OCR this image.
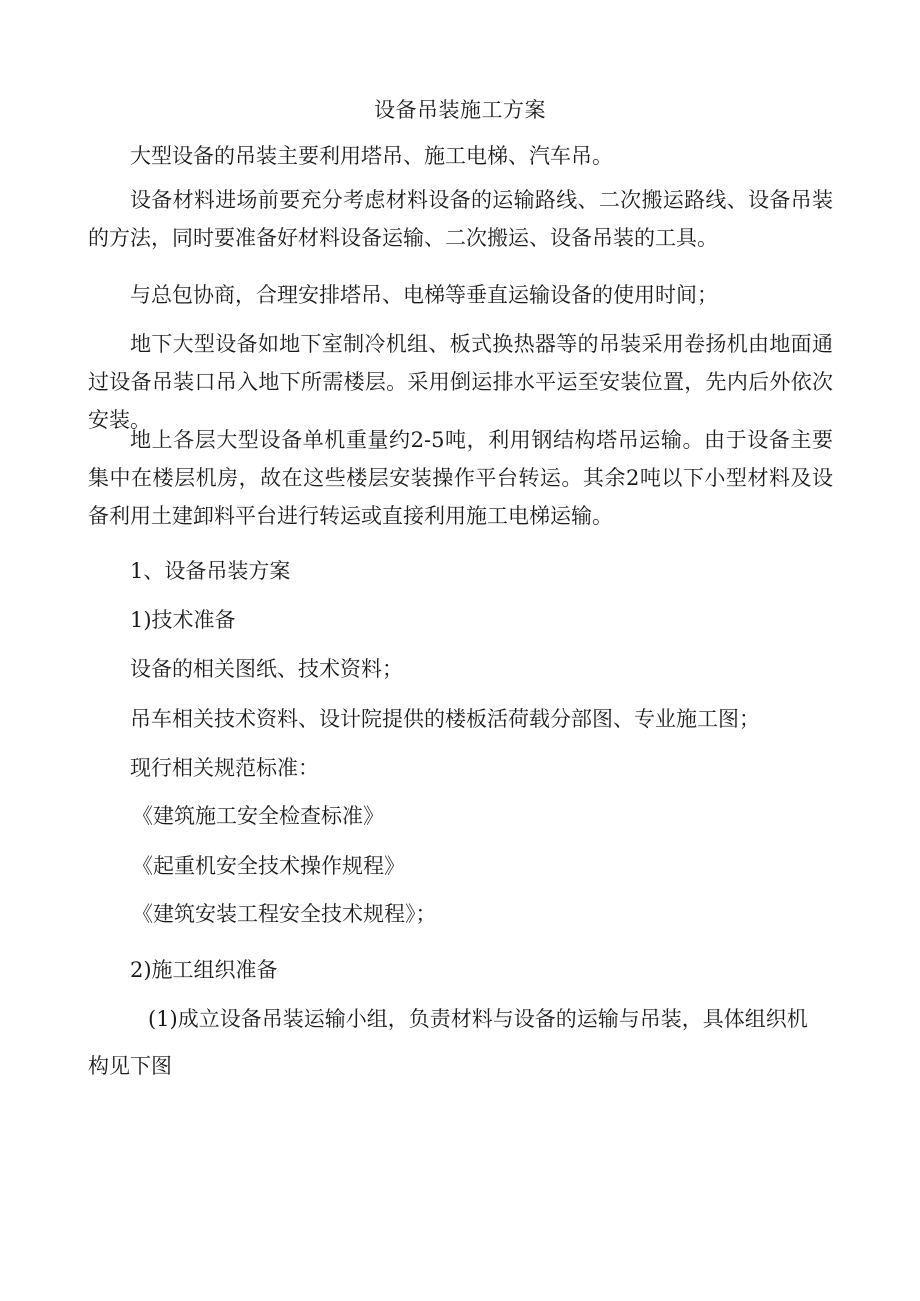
设备吊装施工方案
大型设备的吊装主要利用塔吊、施工电梯、汽车吊。
设备材料进场前要充分考虑材料设备的运输路线、二次搬运路线、设备吊装的方法，同时要准备好材料设备运输、二次搬运、设备吊装的工具。
与总包协商，合理安排塔吊、电梯等垂直运输设备的使用时间；
地下大型设备如地下室制冷机组、板式换热器等的吊装采用卷扬机由地面通过设备吊装口吊入地下所需楼层。采用倒运排水平运至安装位置，先内后外依次安装。
地上各层大型设备单机重量约2-5吨，利用钢结构塔吊运输。由于设备主要集中在楼层机房，故在这些楼层安装操作平台转运。其余2吨以下小型材料及设备利用土建卸料平台进行转运或直接利用施工电梯运输。
1、设备吊装方案
1)技术准备
设备的相关图纸、技术资料；
吊车相关技术资料、设计院提供的楼板活荷载分部图、专业施工图；
现行相关规范标准：
《建筑施工安全检查标准》
《起重机安全技术操作规程》
《建筑安装工程安全技术规程》；
2)施工组织准备
(1)成立设备吊装运输小组，负责材料与设备的运输与吊装，具体组织机
构见下图
